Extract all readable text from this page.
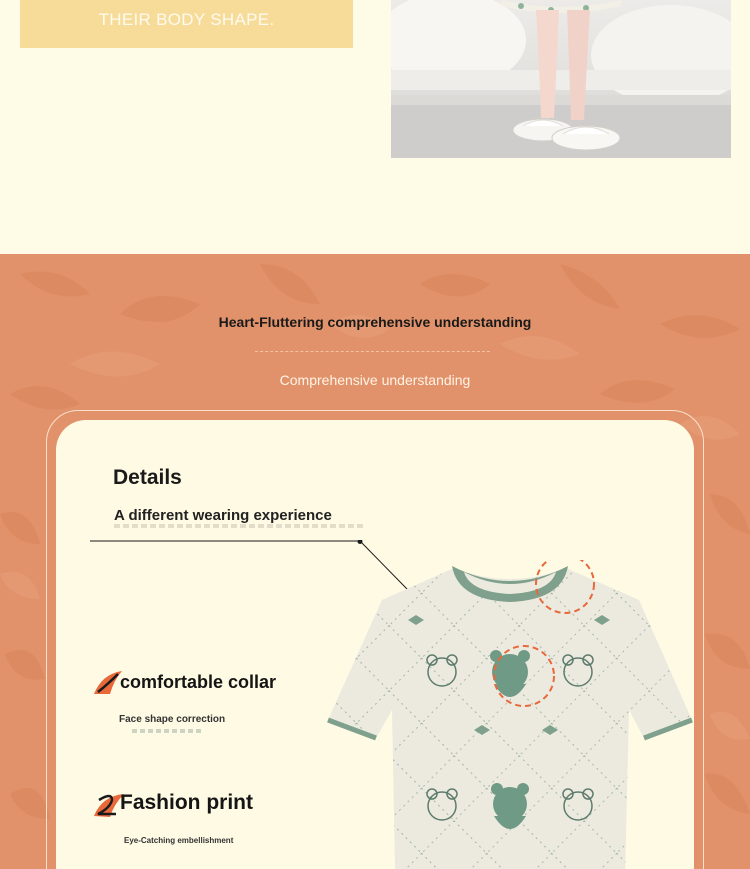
THEIR BODY SHAPE.
Heart-Fluttering comprehensive understanding
Comprehensive understanding
Details
A different wearing experience
comfortable collar
Face shape correction
Fashion print
Eye-Catching embellishment
